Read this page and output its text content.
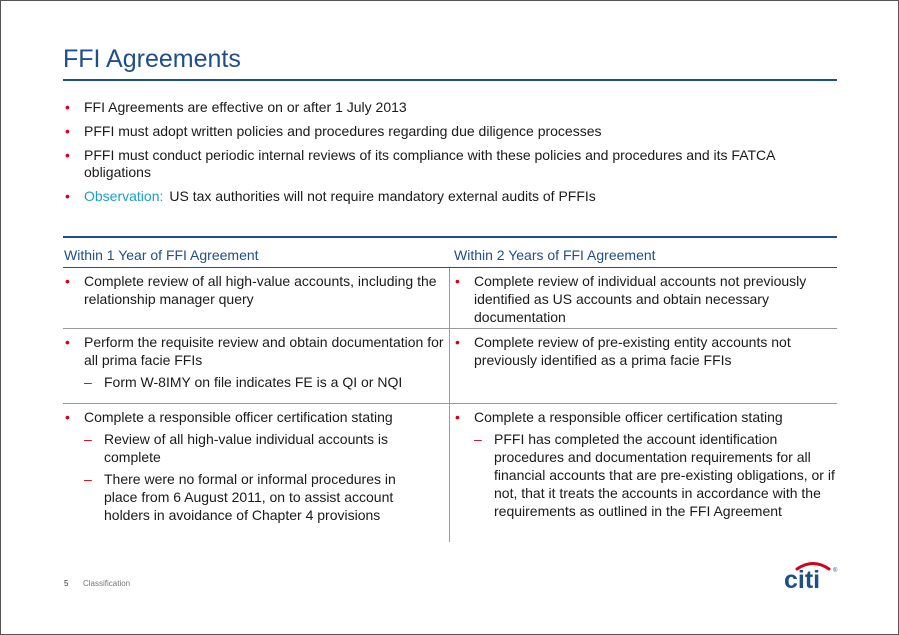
FFI Agreements
• FFI Agreements are effective on or after 1 July 2013
• PFFI must adopt written policies and procedures regarding due diligence processes
• PFFI must conduct periodic internal reviews of its compliance with these policies and procedures and its FATCA obligations
• Observation: US tax authorities will not require mandatory external audits of PFFIs
Within 1 Year of FFI Agreement	Within 2 Years of FFI Agreement
• Complete review of all high-value accounts, including the relationship manager query
• Complete review of individual accounts not previously identified as US accounts and obtain necessary documentation
• Perform the requisite review and obtain documentation for all prima facie FFIs
– Form W-8IMY on file indicates FE is a QI or NQI
• Complete review of pre-existing entity accounts not previously identified as a prima facie FFIs
• Complete a responsible officer certification stating
– Review of all high-value individual accounts is complete
– There were no formal or informal procedures in place from 6 August 2011, on to assist account holders in avoidance of Chapter 4 provisions
• Complete a responsible officer certification stating
– PFFI has completed the account identification procedures and documentation requirements for all financial accounts that are pre-existing obligations, or if not, that it treats the accounts in accordance with the requirements as outlined in the FFI Agreement
5 Classification	citi ®
